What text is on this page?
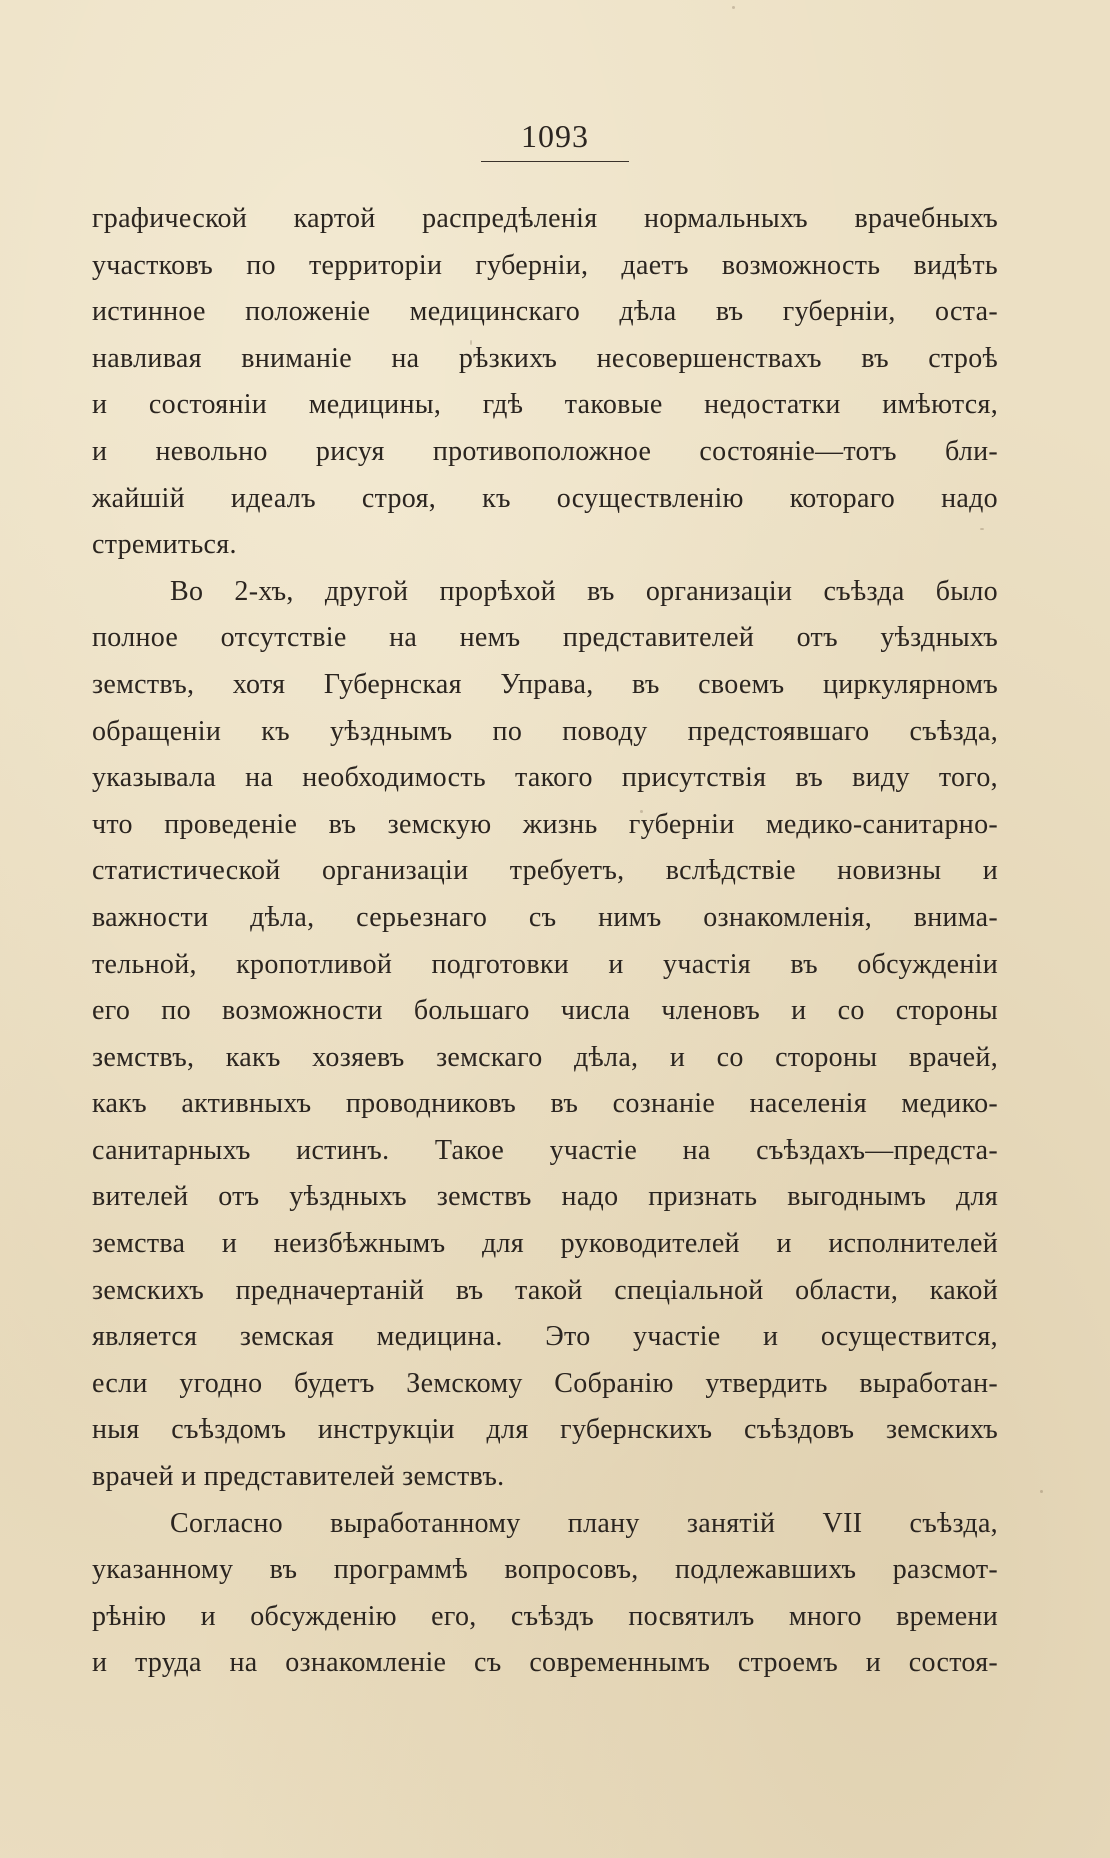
1093
графической картой распредѣленія нормальныхъ врачебныхъ
участковъ по территоріи губерніи, даетъ возможность видѣть
истинное положеніе медицинскаго дѣла въ губерніи, оста-
навливая вниманіе на рѣзкихъ несовершенствахъ въ строѣ
и состояніи медицины, гдѣ таковые недостатки имѣются,
и невольно рисуя противоположное состояніе—тотъ бли-
жайшій идеалъ строя, къ осуществленію котораго надо
стремиться.
Во 2-хъ, другой прорѣхой въ организаціи съѣзда было
полное отсутствіе на немъ представителей отъ уѣздныхъ
земствъ, хотя Губернская Управа, въ своемъ циркулярномъ
обращеніи къ уѣзднымъ по поводу предстоявшаго съѣзда,
указывала на необходимость такого присутствія въ виду того,
что проведеніе въ земскую жизнь губерніи медико-санитарно-
статистической организаціи требуетъ, вслѣдствіе новизны и
важности дѣла, серьезнаго съ нимъ ознакомленія, внима-
тельной, кропотливой подготовки и участія въ обсужденіи
его по возможности большаго числа членовъ и со стороны
земствъ, какъ хозяевъ земскаго дѣла, и со стороны врачей,
какъ активныхъ проводниковъ въ сознаніе населенія медико-
санитарныхъ истинъ. Такое участіе на съѣздахъ—предста-
вителей отъ уѣздныхъ земствъ надо признать выгоднымъ для
земства и неизбѣжнымъ для руководителей и исполнителей
земскихъ предначертаній въ такой спеціальной области, какой
является земская медицина. Это участіе и осуществится,
если угодно будетъ Земскому Собранію утвердить выработан-
ныя съѣздомъ инструкціи для губернскихъ съѣздовъ земскихъ
врачей и представителей земствъ.
Согласно выработанному плану занятій VII съѣзда,
указанному въ программѣ вопросовъ, подлежавшихъ разсмот-
рѣнію и обсужденію его, съѣздъ посвятилъ много времени
и труда на ознакомленіе съ современнымъ строемъ и состоя-
